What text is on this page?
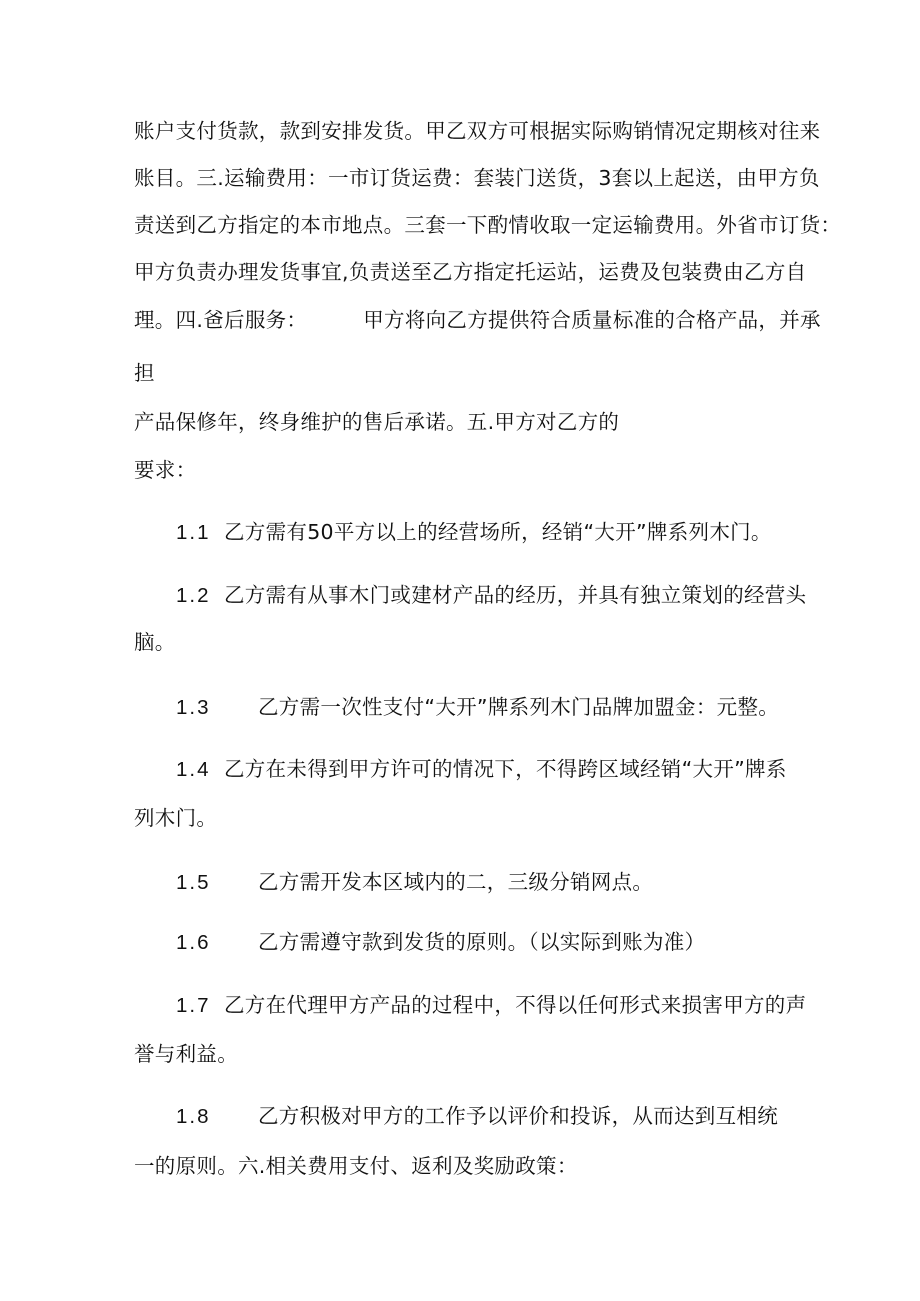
账户支付货款，款到安排发货。甲乙双方可根据实际购销情况定期核对往来
账目。三.运输费用：一市订货运费：套装门送货，3套以上起送，由甲方负
责送到乙方指定的本市地点。三套一下酌情收取一定运输费用。外省市订货：
甲方负责办理发货事宜,负责送至乙方指定托运站，运费及包装费由乙方自
理。四.爸后服务：	甲方将向乙方提供符合质量标准的合格产品，并承
担
产品保修年，终身维护的售后承诺。五.甲方对乙方的
要求：
1.1 乙方需有50平方以上的经营场所，经销“大开”牌系列木门。
1.2 乙方需有从事木门或建材产品的经历，并具有独立策划的经营头
脑。
1.3 乙方需一次性支付“大开”牌系列木门品牌加盟金：元整。
1.4 乙方在未得到甲方许可的情况下，不得跨区域经销“大开”牌系
列木门。
1.5 乙方需开发本区域内的二，三级分销网点。
1.6 乙方需遵守款到发货的原则。（以实际到账为准）
1.7 乙方在代理甲方产品的过程中，不得以任何形式来损害甲方的声
誉与利益。
1.8 乙方积极对甲方的工作予以评价和投诉，从而达到互相统
一的原则。六.相关费用支付、返利及奖励政策：
